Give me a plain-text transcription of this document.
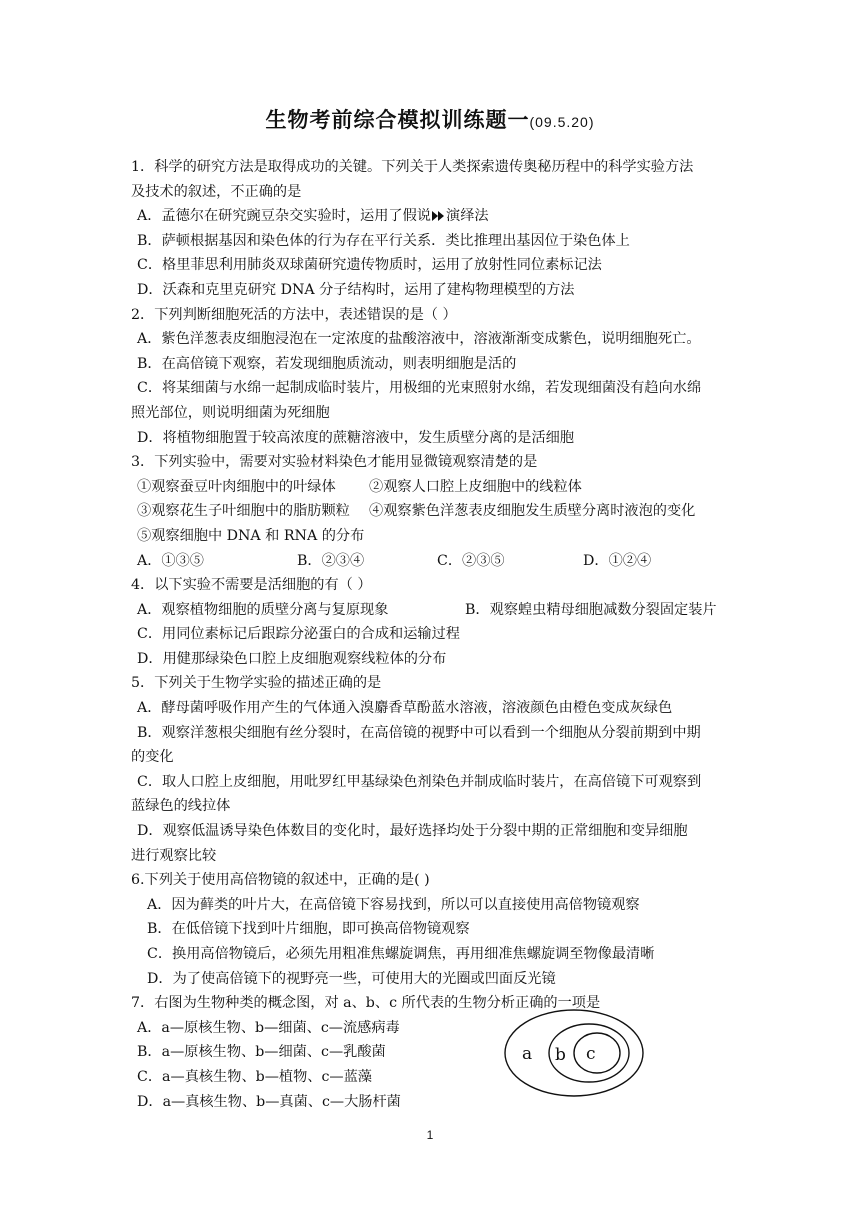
生物考前综合模拟训练题一(09.5.20)
1．科学的研究方法是取得成功的关键。下列关于人类探索遗传奥秘历程中的科学实验方法
及技术的叙述，不正确的是
A．孟德尔在研究豌豆杂交实验时，运用了假说 演绎法
B．萨顿根据基因和染色体的行为存在平行关系．类比推理出基因位于染色体上
C．格里菲思利用肺炎双球菌研究遗传物质时，运用了放射性同位素标记法
D．沃森和克里克研究 DNA 分子结构时，运用了建构物理模型的方法
2．下列判断细胞死活的方法中，表述错误的是（ ）
A．紫色洋葱表皮细胞浸泡在一定浓度的盐酸溶液中，溶液渐渐变成紫色，说明细胞死亡。
B．在高倍镜下观察，若发现细胞质流动，则表明细胞是活的
C．将某细菌与水绵一起制成临时装片，用极细的光束照射水绵，若发现细菌没有趋向水绵
照光部位，则说明细菌为死细胞
D．将植物细胞置于较高浓度的蔗糖溶液中，发生质壁分离的是活细胞
3．下列实验中，需要对实验材料染色才能用显微镜观察清楚的是
①观察蚕豆叶肉细胞中的叶绿体 ②观察人口腔上皮细胞中的线粒体
③观察花生子叶细胞中的脂肪颗粒 ④观察紫色洋葱表皮细胞发生质壁分离时液泡的变化
⑤观察细胞中 DNA 和 RNA 的分布
A．①③⑤	B．②③④	C．②③⑤	D．①②④
4．以下实验不需要是活细胞的有（ ）
A．观察植物细胞的质壁分离与复原现象	B．观察蝗虫精母细胞减数分裂固定装片
C．用同位素标记后跟踪分泌蛋白的合成和运输过程
D．用健那绿染色口腔上皮细胞观察线粒体的分布
5．下列关于生物学实验的描述正确的是
A．酵母菌呼吸作用产生的气体通入溴麝香草酚蓝水溶液，溶液颜色由橙色变成灰绿色
B．观察洋葱根尖细胞有丝分裂时，在高倍镜的视野中可以看到一个细胞从分裂前期到中期
的变化
C．取人口腔上皮细胞，用吡罗红甲基绿染色剂染色并制成临时装片，在高倍镜下可观察到
蓝绿色的线拉体
D．观察低温诱导染色体数目的变化时，最好选择均处于分裂中期的正常细胞和变异细胞
进行观察比较
6.下列关于使用高倍物镜的叙述中，正确的是( )
A．因为藓类的叶片大，在高倍镜下容易找到，所以可以直接使用高倍物镜观察
B．在低倍镜下找到叶片细胞，即可换高倍物镜观察
C．换用高倍物镜后，必须先用粗准焦螺旋调焦，再用细准焦螺旋调至物像最清晰
D．为了使高倍镜下的视野亮一些，可使用大的光圈或凹面反光镜
7．右图为生物种类的概念图，对 a、b、c 所代表的生物分析正确的一项是
A．a—原核生物、b—细菌、c—流感病毒
B．a—原核生物、b—细菌、c—乳酸菌
C．a—真核生物、b—植物、c—蓝藻
D．a—真核生物、b—真菌、c—大肠杆菌
a b c
1
